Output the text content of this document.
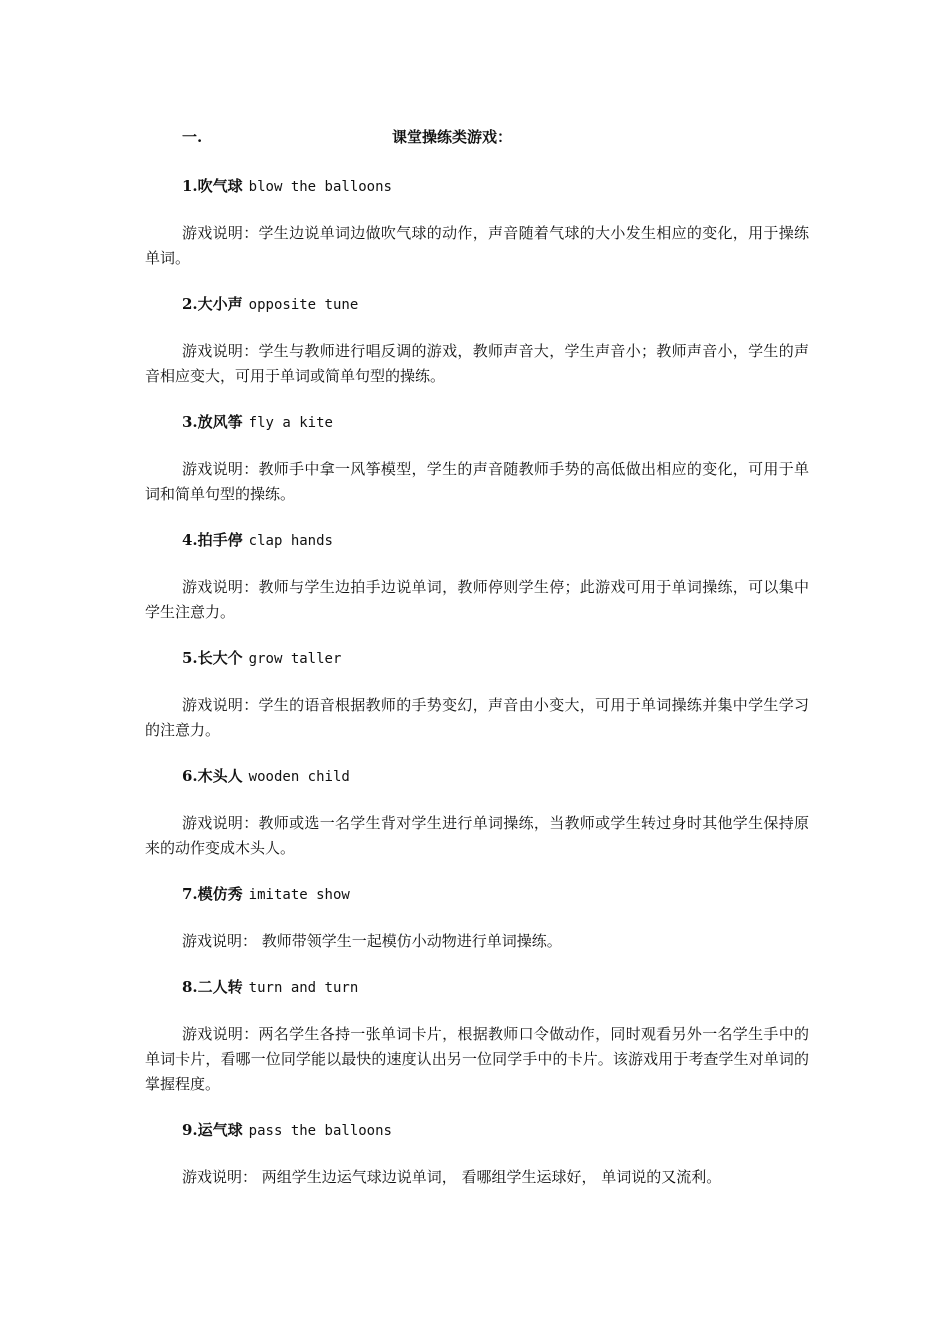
一.	课堂操练类游戏：
1.吹气球 blow the balloons

游戏说明：学生边说单词边做吹气球的动作，声音随着气球的大小发生相应的变化，用于操练单词。

2.大小声 opposite tune

游戏说明：学生与教师进行唱反调的游戏，教师声音大，学生声音小；教师声音小，学生的声音相应变大，可用于单词或简单句型的操练。

3.放风筝 fly a kite

游戏说明：教师手中拿一风筝模型，学生的声音随教师手势的高低做出相应的变化，可用于单词和简单句型的操练。

4.拍手停 clap hands

游戏说明：教师与学生边拍手边说单词，教师停则学生停；此游戏可用于单词操练，可以集中学生注意力。

5.长大个 grow taller

游戏说明：学生的语音根据教师的手势变幻，声音由小变大，可用于单词操练并集中学生学习的注意力。

6.木头人 wooden child

游戏说明：教师或选一名学生背对学生进行单词操练，当教师或学生转过身时其他学生保持原来的动作变成木头人。

7.模仿秀 imitate show

游戏说明： 教师带领学生一起模仿小动物进行单词操练。

8.二人转 turn and turn

游戏说明：两名学生各持一张单词卡片，根据教师口令做动作，同时观看另外一名学生手中的单词卡片，看哪一位同学能以最快的速度认出另一位同学手中的卡片。该游戏用于考查学生对单词的掌握程度。

9.运气球 pass the balloons

游戏说明： 两组学生边运气球边说单词， 看哪组学生运球好， 单词说的又流利。
